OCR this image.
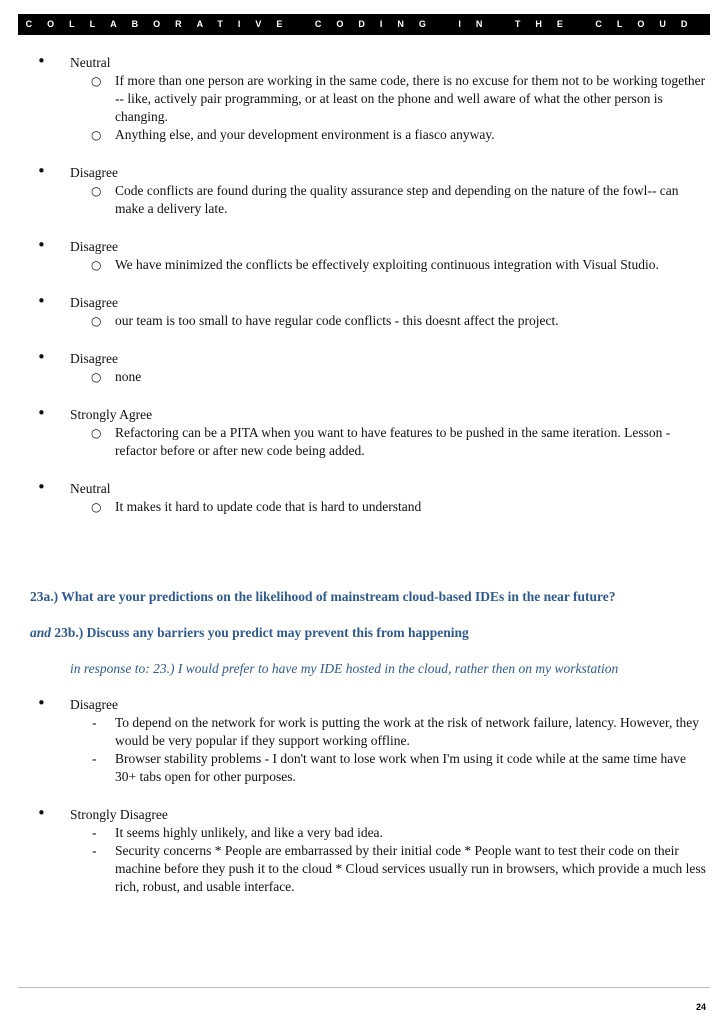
COLLABORATIVE CODING IN THE CLOUD
• Neutral
○ If more than one person are working in the same code, there is no excuse for them not to be working together -- like, actively pair programming, or at least on the phone and well aware of what the other person is changing.
○ Anything else, and your development environment is a fiasco anyway.
• Disagree
○ Code conflicts are found during the quality assurance step and depending on the nature of the fowl-- can make a delivery late.
• Disagree
○ We have minimized the conflicts be effectively exploiting continuous integration with Visual Studio.
• Disagree
○ our team is too small to have regular code conflicts - this doesnt affect the project.
• Disagree
○ none
• Strongly Agree
○ Refactoring can be a PITA when you want to have features to be pushed in the same iteration. Lesson - refactor before or after new code being added.
• Neutral
○ It makes it hard to update code that is hard to understand
23a.) What are your predictions on the likelihood of mainstream cloud-based IDEs in the near future?
and 23b.) Discuss any barriers you predict may prevent this from happening
in response to: 23.) I would prefer to have my IDE hosted in the cloud, rather then on my workstation
• Disagree
- To depend on the network for work is putting the work at the risk of network failure, latency. However, they would be very popular if they support working offline.
- Browser stability problems - I don't want to lose work when I'm using it code while at the same time have 30+ tabs open for other purposes.
• Strongly Disagree
- It seems highly unlikely, and like a very bad idea.
- Security concerns * People are embarrassed by their initial code * People want to test their code on their machine before they push it to the cloud * Cloud services usually run in browsers, which provide a much less rich, robust, and usable interface.
24
